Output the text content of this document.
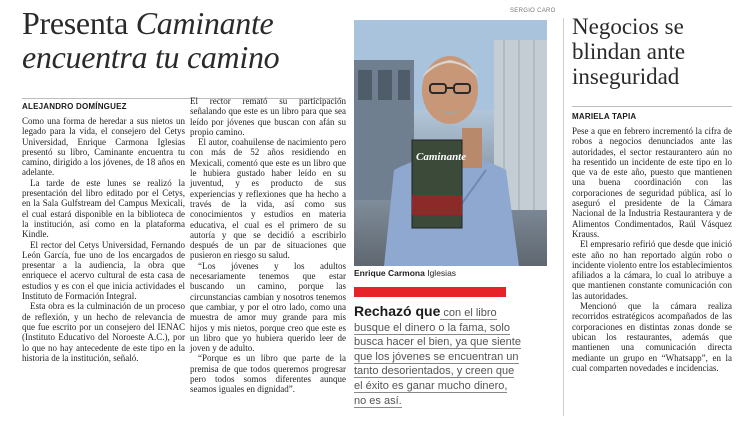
Presenta Caminante
encuentra tu camino
ALEJANDRO DOMÍNGUEZ

Como una forma de heredar a sus nietos un legado para la vida, el consejero del Cetys Universidad, Enrique Carmona Iglesias presentó su libro, Caminante encuentra tu camino, dirigido a los jóvenes, de 18 años en adelante.

La tarde de este lunes se realizó la presentación del libro editado por el Cetys, en la Sala Gulfstream del Campus Mexicali, el cual estará disponible en la biblioteca de la institución, así como en la plataforma Kindle.

El rector del Cetys Universidad, Fernando León García, fue uno de los encargados de presentar a la audiencia, la obra que enriquece el acervo cultural de esta casa de estudios y es con el que inicia actividades el Instituto de Formación Integral.

Esta obra es la culminación de un proceso de reflexión, y un hecho de relevancia de que fue escrito por un consejero del IENAC (Instituto Educativo del Noroeste A.C.), por lo que no hay antecedente de este tipo en la historia de la institución, señaló.

El rector remató su participación señalando que este es un libro para que sea leído por jóvenes que buscan con afán su propio camino.

El autor, coahuilense de nacimiento pero con más de 52 años residiendo en Mexicali, comentó que este es un libro que le hubiera gustado haber leído en su juventud, y es producto de sus experiencias y reflexiones que ha hecho a través de la vida, así como sus conocimientos y estudios en materia educativa, el cual es el primero de su autoría y que se decidió a escribirlo después de un par de situaciones que pusieron en riesgo su salud.

“Los jóvenes y los adultos necesariamente tenemos que estar buscando un camino, porque las circunstancias cambian y nosotros tenemos que cambiar, y por el otro lado, como una muestra de amor muy grande para mis hijos y mis nietos, porque creo que este es un libro que yo hubiera querido leer de joven y de adulto.

“Porque es un libro que parte de la premisa de que todos queremos progresar pero todos somos diferentes aunque seamos iguales en dignidad”.

SERGIO CARO
Caminante
Enrique Carmona Iglesias
Rechazó que con el libro
busque el dinero o la fama, solo
busca hacer el bien, ya que siente
que los jóvenes se encuentran un
tanto desorientados, y creen que
el éxito es ganar mucho dinero,
no es así.
Negocios se blindan ante inseguridad
MARIELA TAPIA

Pese a que en febrero incrementó la cifra de robos a negocios denunciados ante las autoridades, el sector restaurantero aún no ha resentido un incidente de este tipo en lo que va de este año, puesto que mantienen una buena coordinación con las corporaciones de seguridad pública, así lo aseguró el presidente de la Cámara Nacional de la Industria Restaurantera y de Alimentos Condimentados, Raúl Vásquez Krauss.

El empresario refirió que desde que inició este año no han reportado algún robo o incidente violento entre los establecimientos afiliados a la cámara, lo cual lo atribuye a que mantienen constante comunicación con las autoridades.

Mencionó que la cámara realiza recorridos estratégicos acompañados de las corporaciones en distintas zonas donde se ubican los restaurantes, además que mantienen una comunicación directa mediante un grupo en “Whatsapp”, en la cual comparten novedades e incidencias.
